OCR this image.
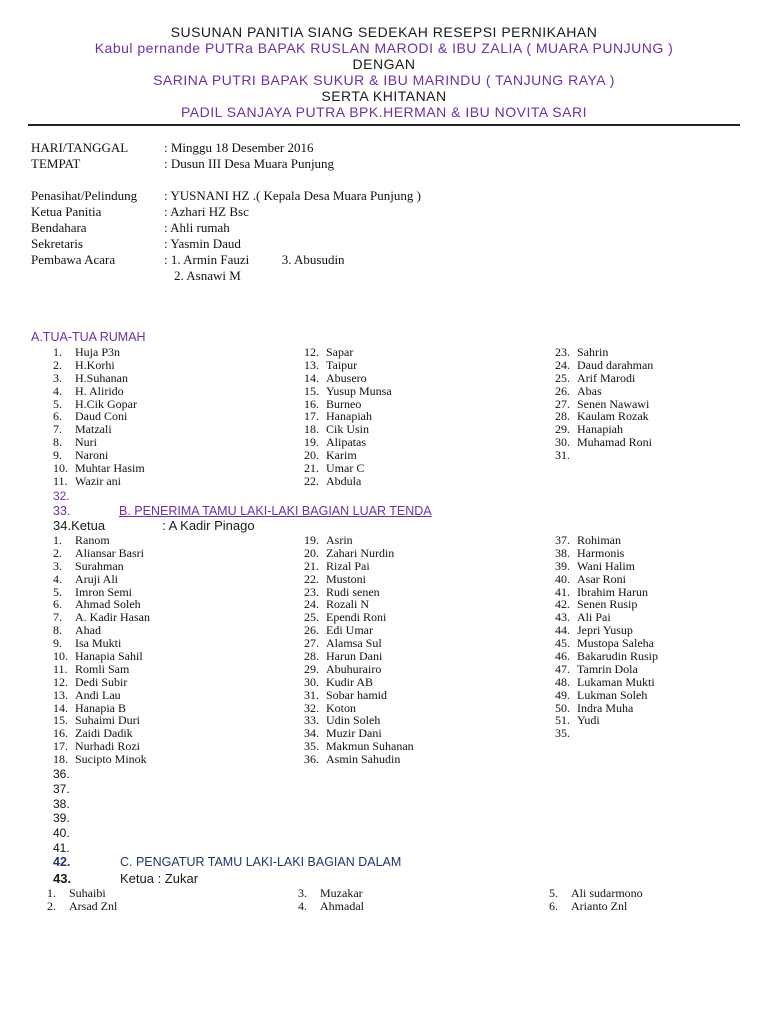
SUSUNAN PANITIA SIANG SEDEKAH RESEPSI PERNIKAHAN
Kabul pernande PUTRa BAPAK RUSLAN MARODI & IBU ZALIA ( MUARA PUNJUNG )
DENGAN
SARINA PUTRI BAPAK SUKUR & IBU MARINDU ( TANJUNG RAYA )
SERTA KHITANAN
PADIL SANJAYA PUTRA BPK.HERMAN & IBU NOVITA SARI
HARI/TANGGAL	: Minggu 18 Desember 2016
TEMPAT	: Dusun III Desa Muara Punjung
Penasihat/Pelindung : YUSNANI HZ .( Kepala Desa Muara Punjung )
Ketua Panitia	: Azhari HZ Bsc
Bendahara	: Ahli rumah
Sekretaris	: Yasmin Daud
Pembawa Acara	: 1. Armin Fauzi          3. Abusudin
2. Asnawi M
A.TUA-TUA RUMAH
1. Huja P3n
2. H.Korhi
3. H.Suhanan
4. H. Alirido
5. H.Cik Gopar
6. Daud Coni
7. Matzali
8. Nuri
9. Naroni
10. Muhtar Hasim
11. Wazir ani
12. Sapar
13. Taipur
14. Abusero
15. Yusup Munsa
16. Burneo
17. Hanapiah
18. Cik Usin
19. Alipatas
20. Karim
21. Umar C
22. Abdula
23. Sahrin
24. Daud darahman
25. Arif Marodi
26. Abas
27. Senen Nawawi
28. Kaulam Rozak
29. Hanapiah
30. Muhamad Roni
31.
32.
33.	B. PENERIMA TAMU LAKI-LAKI BAGIAN LUAR TENDA
34.Ketua	: A Kadir Pinago
1. Ranom
2. Aliansar Basri
3. Surahman
4. Aruji Ali
5. Imron Semi
6. Ahmad Soleh
7. A. Kadir Hasan
8. Ahad
9. Isa Mukti
10. Hanapia Sahil
11. Romli Sam
12. Dedi Subir
13. Andi Lau
14. Hanapia B
15. Suhaimi Duri
16. Zaidi Dadik
17. Nurhadi Rozi
18. Sucipto Minok
19. Asrin
20. Zahari Nurdin
21. Rizal Pai
22. Mustoni
23. Rudi senen
24. Rozali N
25. Ependi Roni
26. Edi Umar
27. Alamsa Sul
28. Harun Dani
29. Abuhurairo
30. Kudir AB
31. Sobar hamid
32. Koton
33. Udin Soleh
34. Muzir Dani
35. Makmun Suhanan
36. Asmin Sahudin
37. Rohiman
38. Harmonis
39. Wani Halim
40. Asar Roni
41. Ibrahim Harun
42. Senen Rusip
43. Ali Pai
44. Jepri Yusup
45. Mustopa Saleha
46. Bakarudin Rusip
47. Tamrin Dola
48. Lukaman Mukti
49. Lukman Soleh
50. Indra Muha
51. Yudi
35.
36.
37.
38.
39.
40.
41.
42.	C. PENGATUR TAMU LAKI-LAKI BAGIAN DALAM
43.	Ketua : Zukar
1. Suhaibi
2. Arsad Znl
3. Muzakar
4. Ahmadal
5. Ali sudarmono
6. Arianto Znl
